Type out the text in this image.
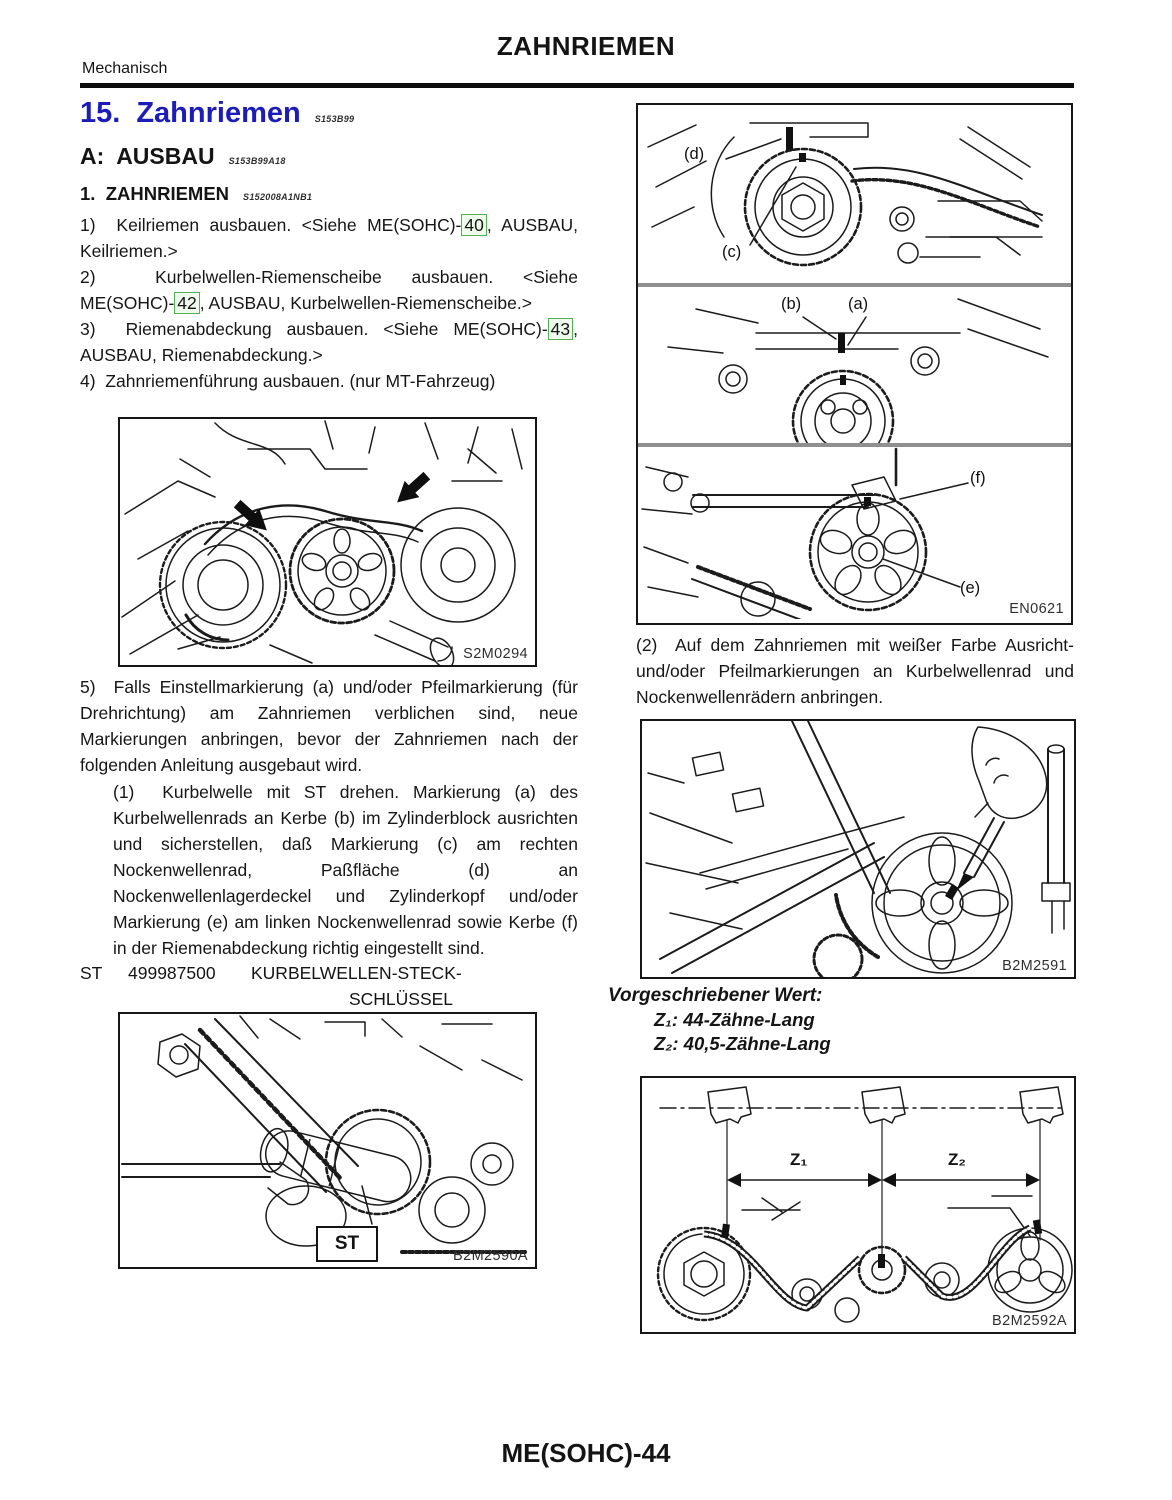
ZAHNRIEMEN
Mechanisch
15. Zahnriemen S153B99
A:  AUSBAU S153B99A18
1.  ZAHNRIEMEN S152008A1NB1

1)  Keilriemen ausbauen. <Siehe ME(SOHC)- 40 , AUSBAU, Keilriemen.>

2)  Kurbelwellen-Riemenscheibe ausbauen. <Siehe ME(SOHC)- 42 , AUSBAU, Kurbelwellen-Riemenscheibe.>

3)  Riemenabdeckung ausbauen. <Siehe ME(SOHC)- 43 , AUSBAU, Riemenabdeckung.>

4)  Zahnriemenführung ausbauen. (nur MT-Fahrzeug)

S2M0294
5)  Falls Einstellmarkierung (a) und/oder Pfeilmarkierung (für Drehrichtung) am Zahnriemen verblichen sind, neue Markierungen anbringen, bevor der Zahnriemen nach der folgenden Anleitung ausgebaut wird.
(1)  Kurbelwelle mit ST drehen. Markierung (a) des Kurbelwellenrads an Kerbe (b) im Zylinderblock ausrichten und sicherstellen, daß Markierung (c) am rechten Nockenwellenrad, Paßfläche (d) an Nockenwellenlagerdeckel und Zylinderkopf und/oder Markierung (e) am linken Nockenwellenrad sowie Kerbe (f) in der Riemenabdeckung richtig eingestellt sind.
ST	499987500	KURBELWELLEN-STECK-
SCHLÜSSEL
ST
B2M2590A
(d)
(c)
(b)	(a)
(f)
(e)
EN0621
(2)  Auf dem Zahnriemen mit weißer Farbe Ausricht- und/oder Pfeilmarkierungen an Kurbelwellenrad und Nockenwellenrädern anbringen.
B2M2591
Vorgeschriebener Wert:
Z₁: 44-Zähne-Lang
Z₂: 40,5-Zähne-Lang
Z₁	Z₂
B2M2592A
ME(SOHC)-44
